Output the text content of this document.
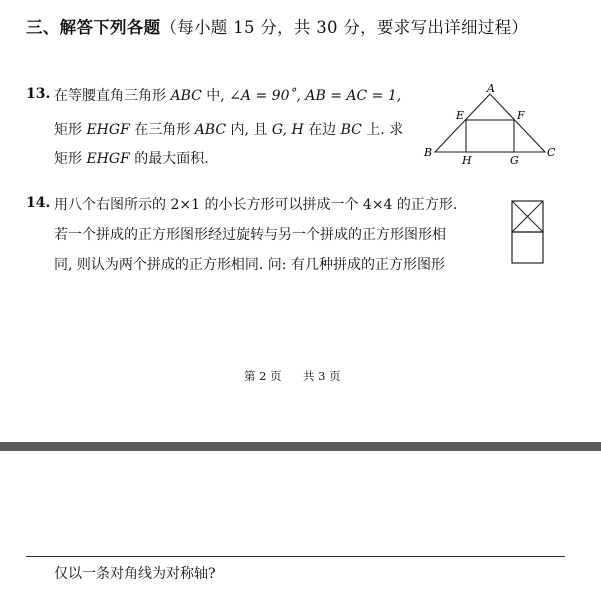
三、解答下列各题（每小题 15 分，共 30 分，要求写出详细过程）
13. 在等腰直角三角形 ABC 中, ∠A = 90˚, AB = AC = 1,
矩形 EHGF 在三角形 ABC 内, 且 G, H 在边 BC 上. 求
矩形 EHGF 的最大面积.
A
B	C
E	F
H	G
14. 用八个右图所示的 2×1 的小长方形可以拼成一个 4×4 的正方形.
若一个拼成的正方形图形经过旋转与另一个拼成的正方形图形相
同, 则认为两个拼成的正方形相同. 问: 有几种拼成的正方形图形
第 2 页 共 3 页
仅以一条对角线为对称轴?
